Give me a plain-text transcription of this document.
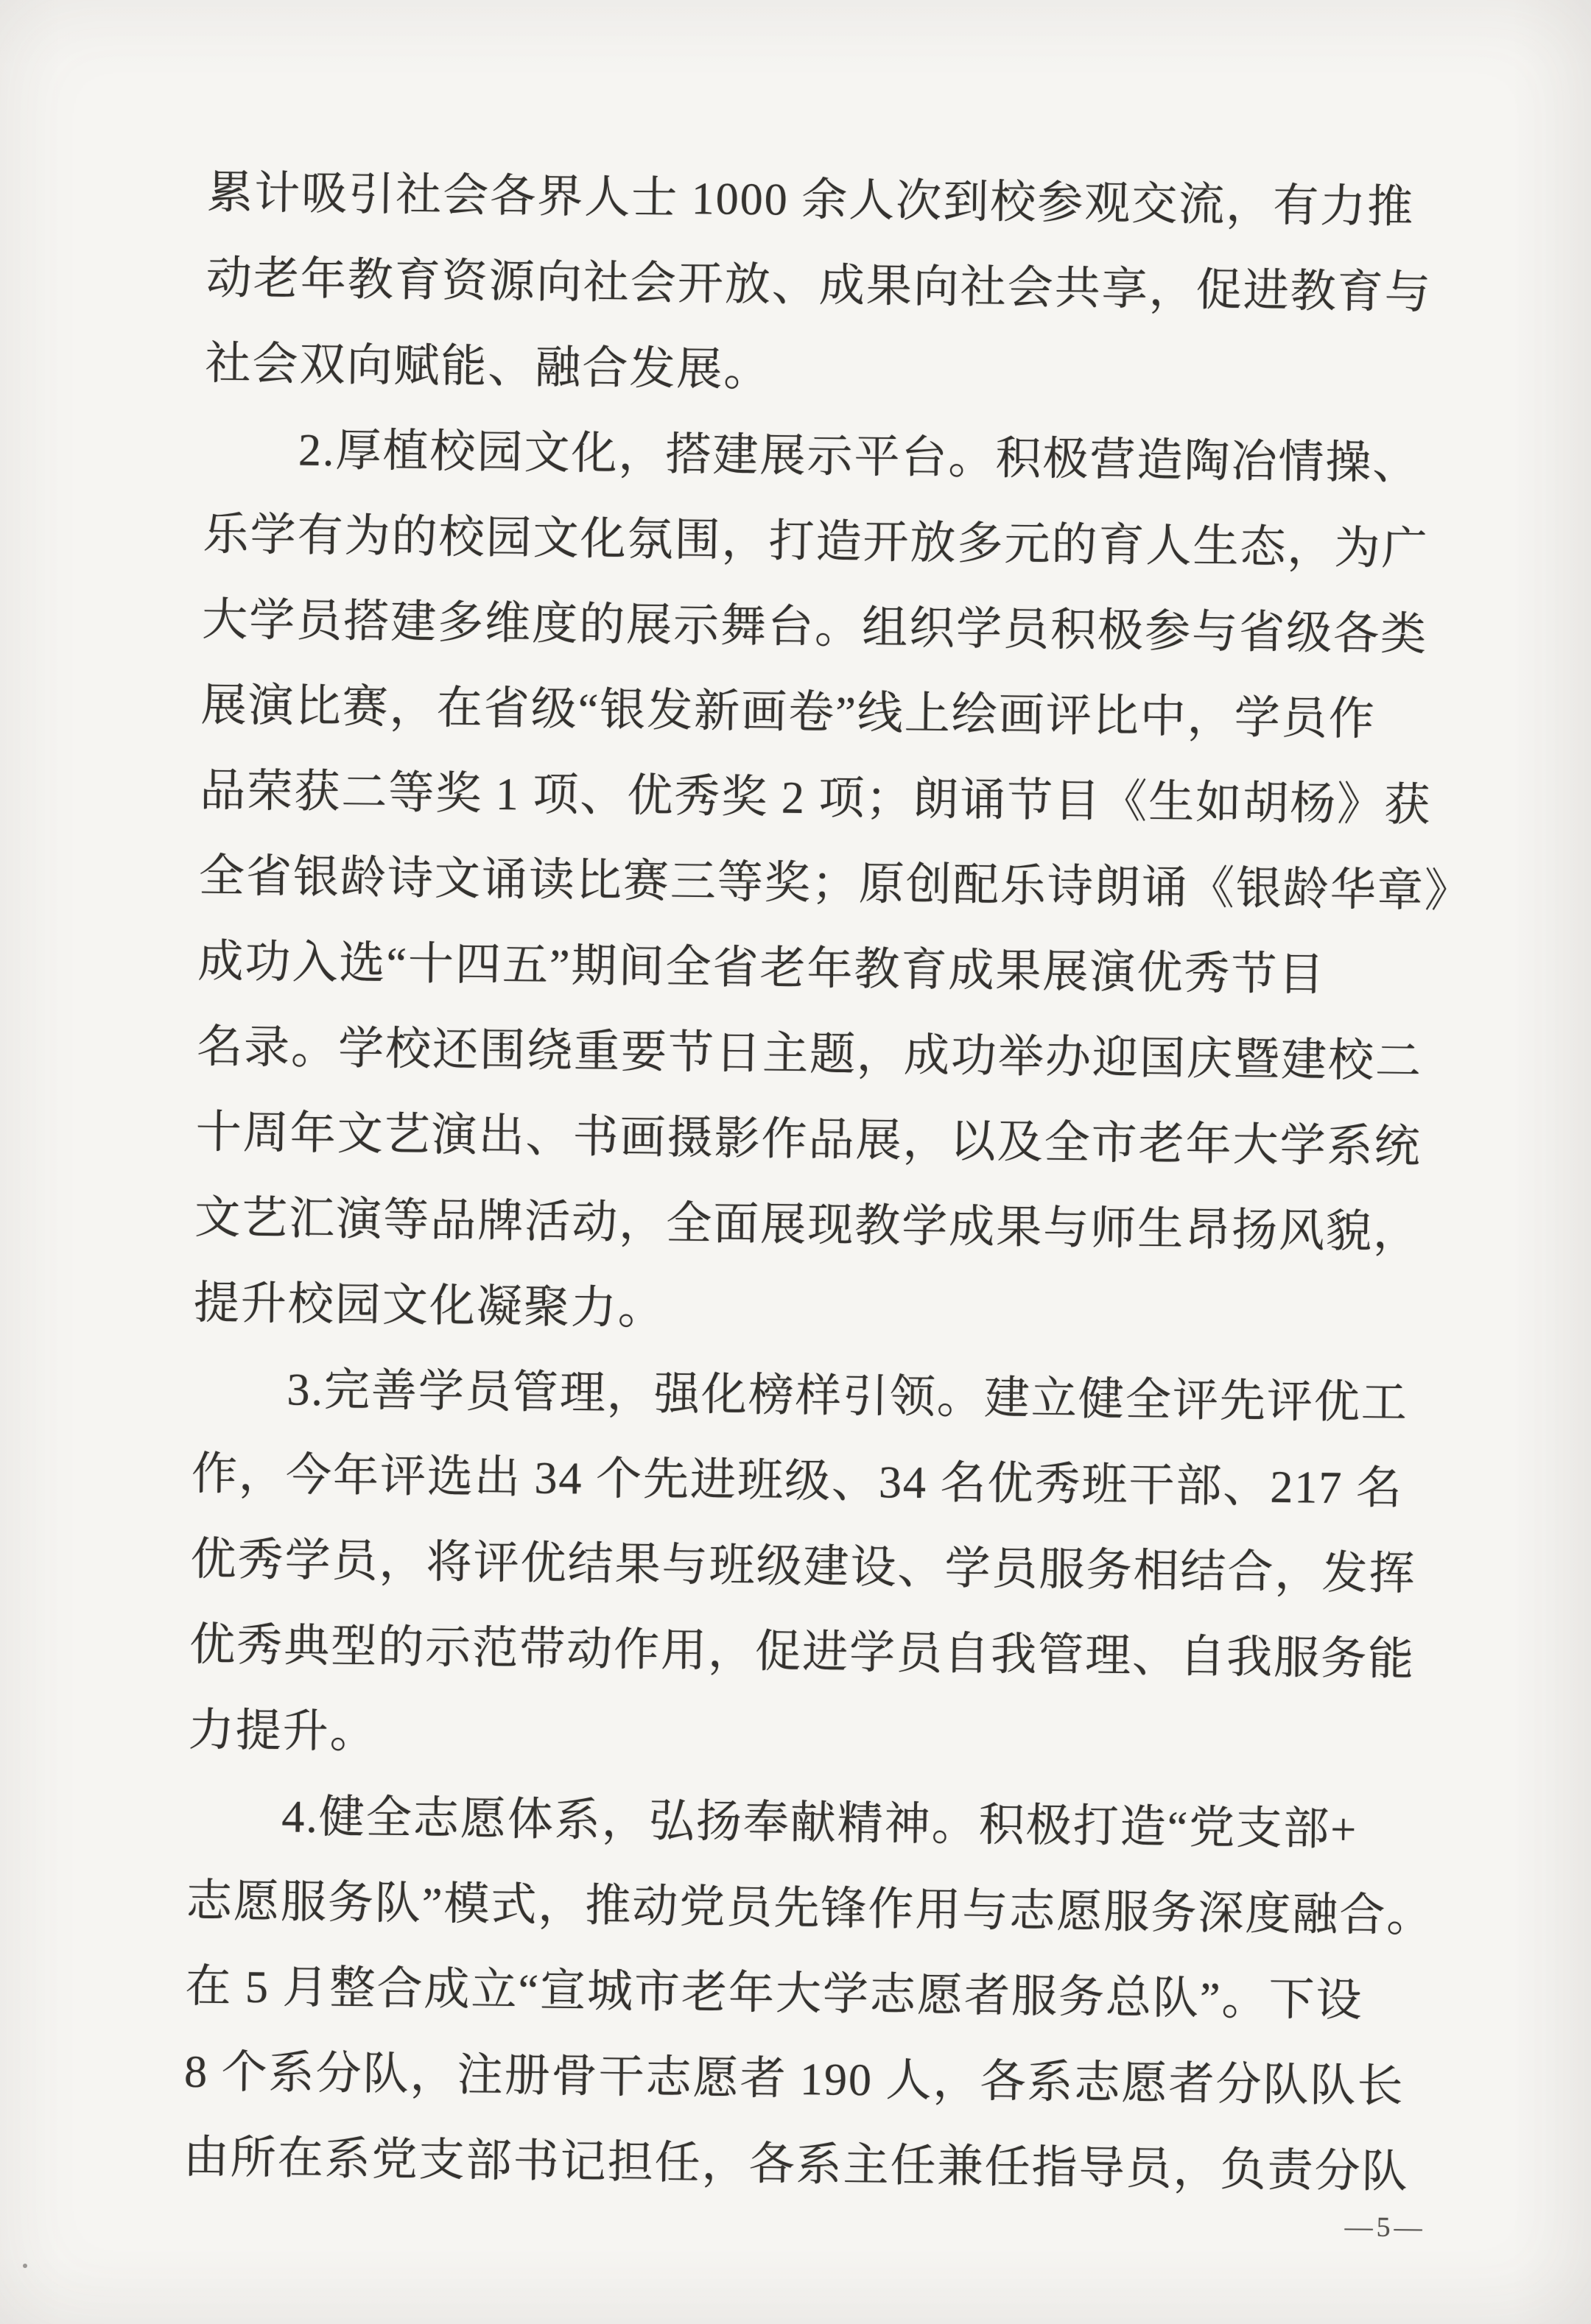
累计吸引社会各界人士 1000 余人次到校参观交流，有力推
动老年教育资源向社会开放、成果向社会共享，促进教育与
社会双向赋能、融合发展。
　　2.厚植校园文化，搭建展示平台。积极营造陶冶情操、
乐学有为的校园文化氛围，打造开放多元的育人生态，为广
大学员搭建多维度的展示舞台。组织学员积极参与省级各类
展演比赛，在省级“银发新画卷”线上绘画评比中，学员作
品荣获二等奖 1 项、优秀奖 2 项；朗诵节目《生如胡杨》获
全省银龄诗文诵读比赛三等奖；原创配乐诗朗诵《银龄华章》
成功入选“十四五”期间全省老年教育成果展演优秀节目
名录。学校还围绕重要节日主题，成功举办迎国庆暨建校二
十周年文艺演出、书画摄影作品展，以及全市老年大学系统
文艺汇演等品牌活动，全面展现教学成果与师生昂扬风貌，
提升校园文化凝聚力。
　　3.完善学员管理，强化榜样引领。建立健全评先评优工
作，今年评选出 34 个先进班级、34 名优秀班干部、217 名
优秀学员，将评优结果与班级建设、学员服务相结合，发挥
优秀典型的示范带动作用，促进学员自我管理、自我服务能
力提升。
　　4.健全志愿体系，弘扬奉献精神。积极打造“党支部+
志愿服务队”模式，推动党员先锋作用与志愿服务深度融合。
在 5 月整合成立“宣城市老年大学志愿者服务总队”。下设
8 个系分队，注册骨干志愿者 190 人，各系志愿者分队队长
由所在系党支部书记担任，各系主任兼任指导员，负责分队
—5—
